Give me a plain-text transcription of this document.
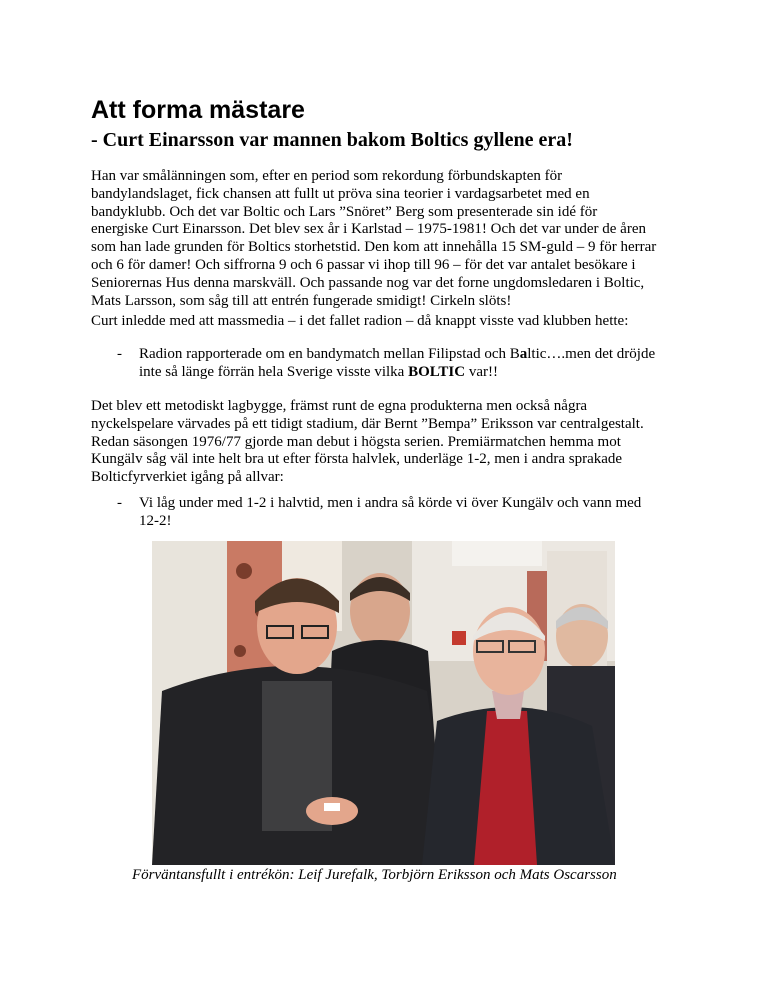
Att forma mästare
- Curt Einarsson var mannen bakom Boltics gyllene era!

Han var smålänningen som, efter en period som rekordung förbundskapten för
bandylandslaget, fick chansen att fullt ut pröva sina teorier i vardagsarbetet med en
bandyklubb. Och det var Boltic och Lars ”Snöret” Berg som presenterade sin idé för
energiske Curt Einarsson. Det blev sex år i Karlstad – 1975-1981! Och det var under de åren
som han lade grunden för Boltics storhetstid. Den kom att innehålla 15 SM-guld – 9 för herrar
och 6 för damer! Och siffrorna 9 och 6 passar vi ihop till 96 – för det var antalet besökare i
Seniorernas Hus denna marskväll. Och passande nog var det forne ungdomsledaren i Boltic,
Mats Larsson, som såg till att entrén fungerade smidigt! Cirkeln slöts!

Curt inledde med att massmedia – i det fallet radion – då knappt visste vad klubben hette:

- Radion rapporterade om en bandymatch mellan Filipstad och Baltic….men det dröjde
inte så länge förrän hela Sverige visste vilka BOLTIC var!!

Det blev ett metodiskt lagbygge, främst runt de egna produkterna men också några
nyckelspelare värvades på ett tidigt stadium, där Bernt ”Bempa” Eriksson var centralgestalt.
Redan säsongen 1976/77 gjorde man debut i högsta serien. Premiärmatchen hemma mot
Kungälv såg väl inte helt bra ut efter första halvlek, underläge 1-2, men i andra sprakade
Bolticfyrverkiet igång på allvar:

- Vi låg under med 1-2 i halvtid, men i andra så körde vi över Kungälv och vann med
12-2!

Förväntansfullt i entrékön: Leif Jurefalk, Torbjörn Eriksson och Mats Oscarsson
